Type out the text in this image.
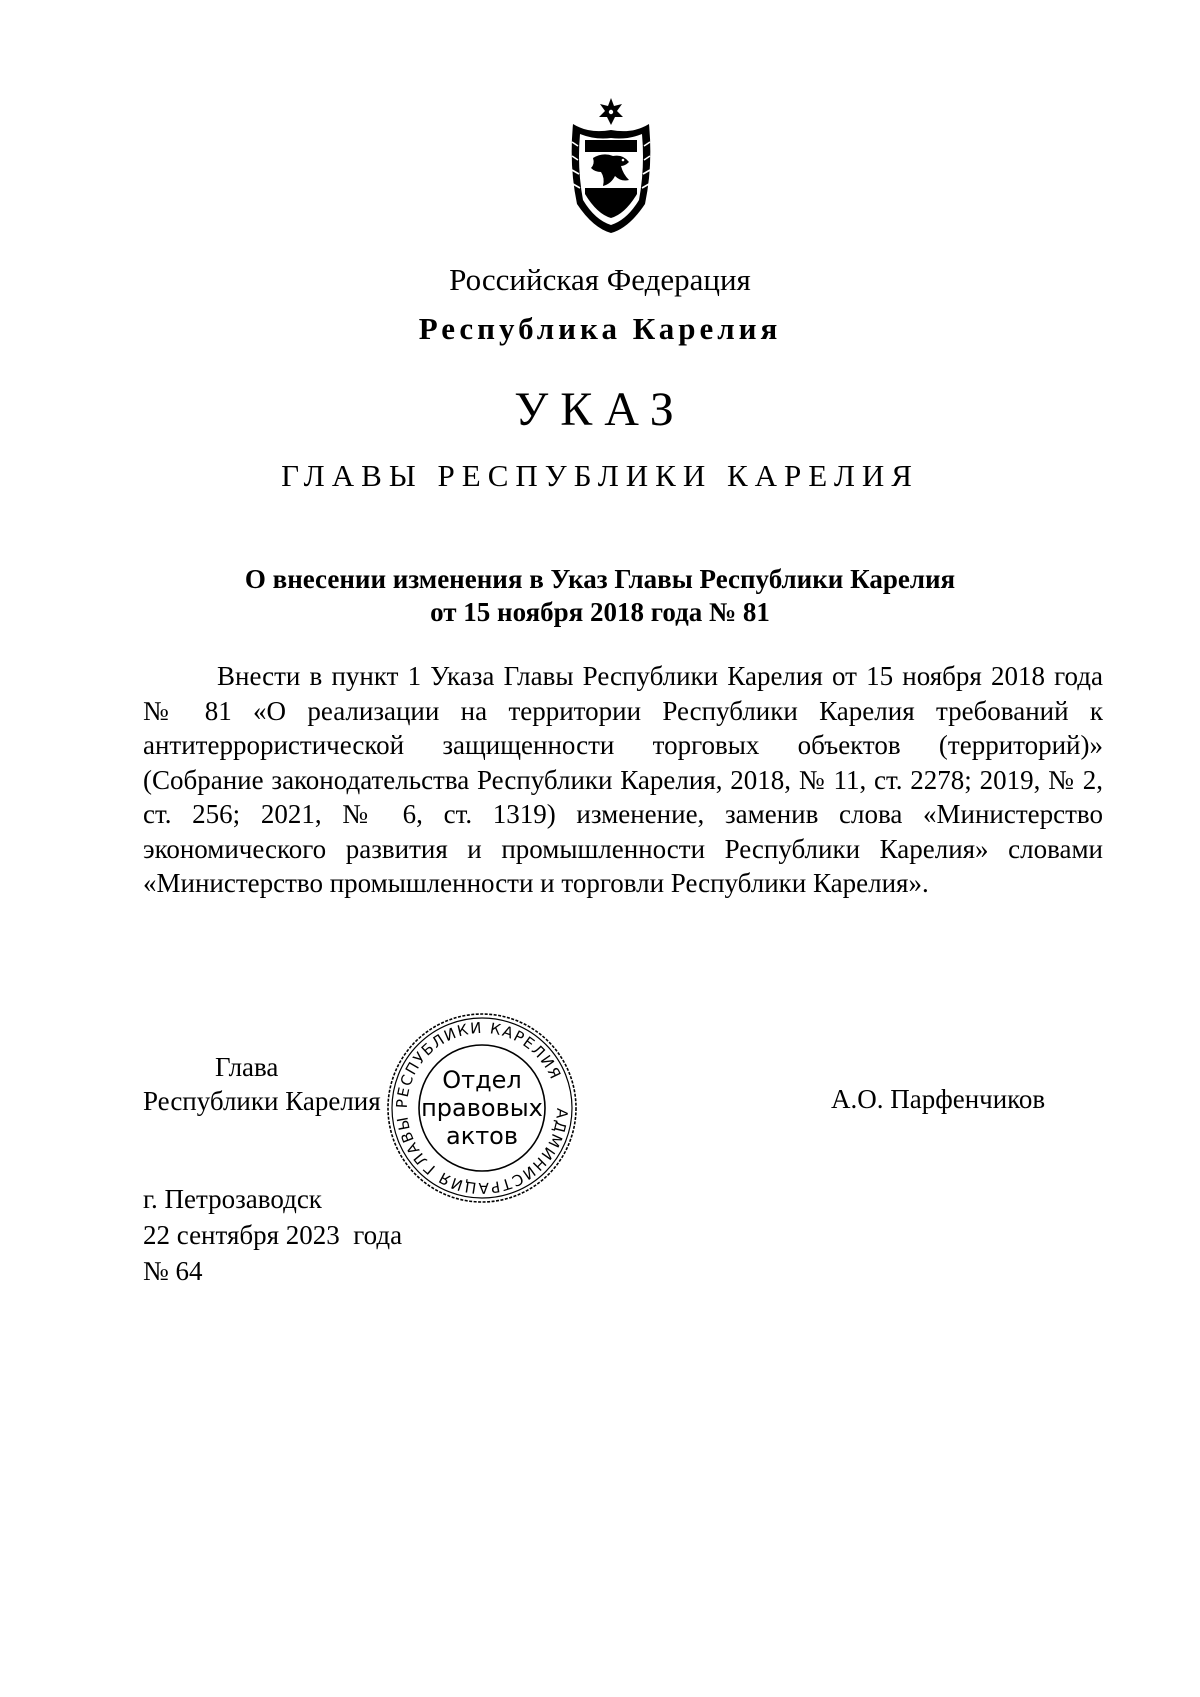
Российская Федерация
Республика Карелия
УКАЗ
ГЛАВЫ РЕСПУБЛИКИ КАРЕЛИЯ
О внесении изменения в Указ Главы Республики Карелия
от 15 ноября 2018 года № 81
Внести в пункт 1 Указа Главы Республики Карелия от 15 ноября 2018 года № 81 «О реализации на территории Республики Карелия требований к антитеррористической защищенности торговых объектов (территорий)» (Собрание законодательства Республики Карелия, 2018, № 11, ст. 2278; 2019, № 2, ст. 256; 2021, № 6, ст. 1319) изменение, заменив слова «Министерство экономического развития и промышленности Республики Карелия» словами «Министерство промышленности и торговли Республики Карелия».
Глава
Республики Карелия	АДМИНИСТРАЦИЯ ГЛАВЫ РЕСПУБЛИКИ КАРЕЛИЯ
Отдел
правовых
актов
А.О. Парфенчиков
г. Петрозаводск
22 сентября 2023  года
№ 64
